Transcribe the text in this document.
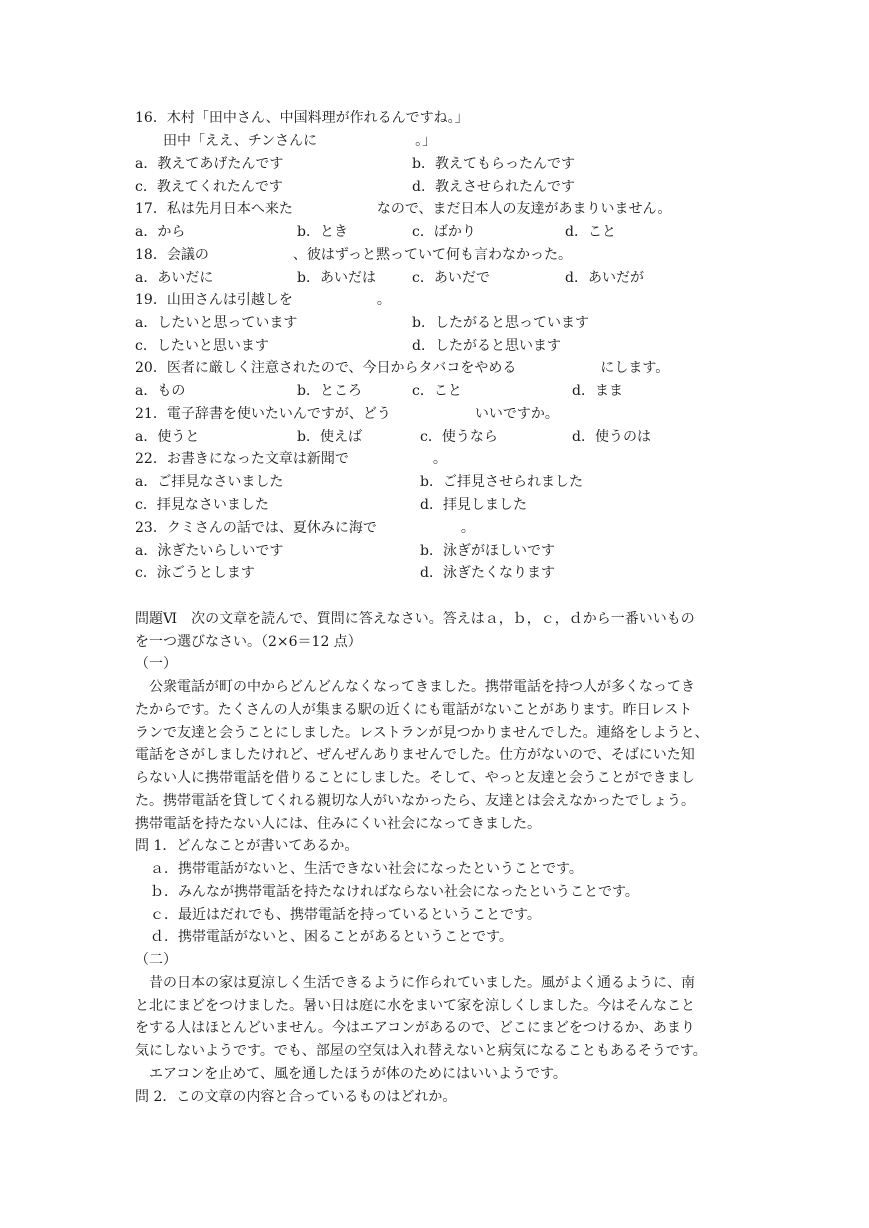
16．木村「田中さん、中国料理が作れるんですね。」
田中「ええ、チンさんに　　　　　　　。」
a．教えてあげたんです	b．教えてもらったんです
c．教えてくれたんです	d．教えさせられたんです
17．私は先月日本へ来た　　　　　　なので、まだ日本人の友達があまりいません。
a．から	b．とき	c．ばかり	d．こと
18．会議の　　　　　　、彼はずっと黙っていて何も言わなかった。
a．あいだに	b．あいだは	c．あいだで	d．あいだが
19．山田さんは引越しを　　　　　　。
a．したいと思っています	b．したがると思っています
c．したいと思います	d．したがると思います
20．医者に厳しく注意されたので、今日からタバコをやめる　　　　　　にします。
a．もの	b．ところ	c．こと	d．まま
21．電子辞書を使いたいんですが、どう　　　　　　いいですか。
a．使うと	b．使えば	c．使うなら	d．使うのは
22．お書きになった文章は新聞で　　　　　　。
a．ご拝見なさいました	b．ご拝見させられました
c．拝見なさいました	d．拝見しました
23．クミさんの話では、夏休みに海で　　　　　　。
a．泳ぎたいらしいです	b．泳ぎがほしいです
c．泳ごうとします	d．泳ぎたくなります
問題Ⅵ　次の文章を読んで、質問に答えなさい。答えはａ，ｂ，ｃ，ｄから一番いいもの
を一つ選びなさい。（2×6＝12 点）
（一）
　公衆電話が町の中からどんどんなくなってきました。携帯電話を持つ人が多くなってき
たからです。たくさんの人が集まる駅の近くにも電話がないことがあります。昨日レスト
ランで友達と会うことにしました。レストランが見つかりませんでした。連絡をしようと、
電話をさがしましたけれど、ぜんぜんありませんでした。仕方がないので、そばにいた知
らない人に携帯電話を借りることにしました。そして、やっと友達と会うことができまし
た。携帯電話を貸してくれる親切な人がいなかったら、友達とは会えなかったでしょう。
携帯電話を持たない人には、住みにくい社会になってきました。
問 1．どんなことが書いてあるか。
ａ．携帯電話がないと、生活できない社会になったということです。
ｂ．みんなが携帯電話を持たなければならない社会になったということです。
ｃ．最近はだれでも、携帯電話を持っているということです。
ｄ．携帯電話がないと、困ることがあるということです。
（二）
　昔の日本の家は夏涼しく生活できるように作られていました。風がよく通るように、南
と北にまどをつけました。暑い日は庭に水をまいて家を涼しくしました。今はそんなこと
をする人はほとんどいません。今はエアコンがあるので、どこにまどをつけるか、あまり
気にしないようです。でも、部屋の空気は入れ替えないと病気になることもあるそうです。
　エアコンを止めて、風を通したほうが体のためにはいいようです。
問 2．この文章の内容と合っているものはどれか。
